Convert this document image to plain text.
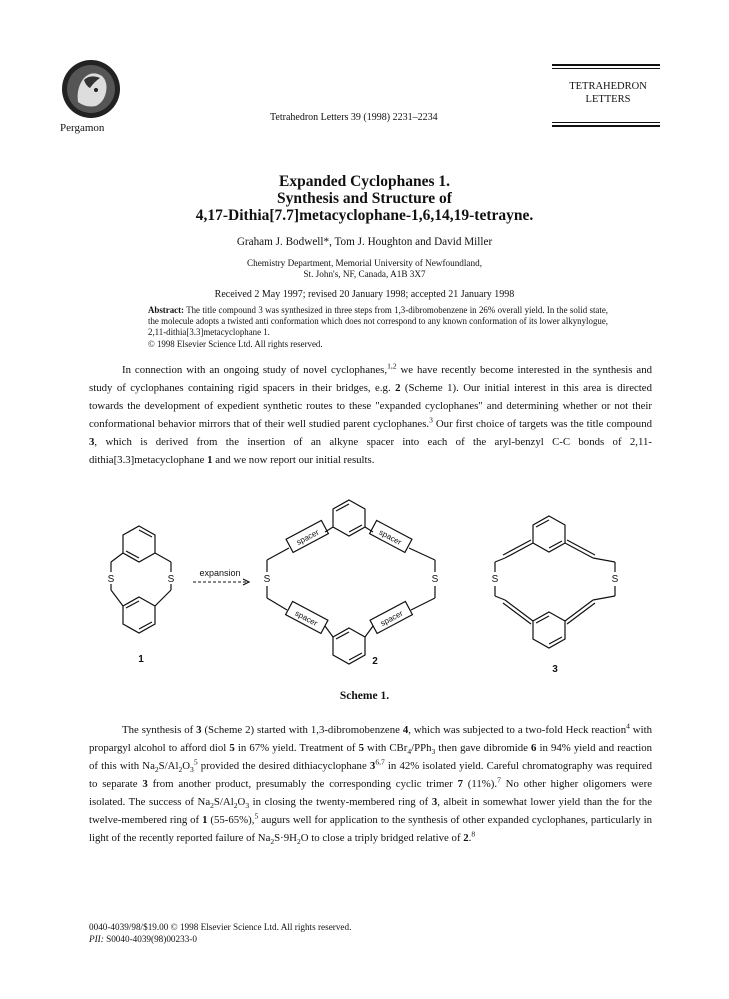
Pergamon
Tetrahedron Letters 39 (1998) 2231–2234
TETRAHEDRON
LETTERS
Expanded Cyclophanes 1.
Synthesis and Structure of
4,17-Dithia[7.7]metacyclophane-1,6,14,19-tetrayne.
Graham J. Bodwell*, Tom J. Houghton and David Miller
Chemistry Department, Memorial University of Newfoundland,
St. John's, NF, Canada, A1B 3X7
Received 2 May 1997; revised 20 January 1998; accepted 21 January 1998
Abstract: The title compound 3 was synthesized in three steps from 1,3-dibromobenzene in 26% overall yield. In the solid state, the molecule adopts a twisted anti conformation which does not correspond to any known conformation of its lower alkynylogue, 2,11-dithia[3.3]metacyclophane 1.
© 1998 Elsevier Science Ltd. All rights reserved.
In connection with an ongoing study of novel cyclophanes,$^{1,2}$ we have recently become interested in the synthesis and study of cyclophanes containing rigid spacers in their bridges, e.g. 2 (Scheme 1). Our initial interest in this area is directed towards the development of expedient synthetic routes to these "expanded cyclophanes" and determining whether or not their conformational behavior mirrors that of their well studied parent cyclophanes.$^3$ Our first choice of targets was the title compound 3, which is derived from the insertion of an alkyne spacer into each of the aryl-benzyl C-C bonds of 2,11-dithia[3.3]metacyclophane 1 and we now report our initial results.
S	S
expansion
S	S	S	S
spacer	spacer
spacer	spacer
1	2
3
Scheme 1.
The synthesis of 3 (Scheme 2) started with 1,3-dibromobenzene 4, which was subjected to a two-fold Heck reaction$^4$ with propargyl alcohol to afford diol 5 in 67% yield. Treatment of 5 with CBr$_4$/PPh$_3$ then gave dibromide 6 in 94% yield and reaction of this with $Na_2S/Al_2O_3^5$ provided the desired dithiacyclophane 3$^{6,7}$ in 42% isolated yield. Careful chromatography was required to separate 3 from another product, presumably the corresponding cyclic trimer 7 (11%).$^7$ No other higher oligomers were isolated. The success of $Na_2S/Al_2O_3$ in closing the twenty-membered ring of 3, albeit in somewhat lower yield than the for the twelve-membered ring of 1 (55-65%),$^5$ augurs well for application to the synthesis of other expanded cyclophanes, particularly in light of the recently reported failure of $Na_2S\cdot 9H_2O$ to close a triply bridged relative of 2.$^8$
0040-4039/98/$19.00 © 1998 Elsevier Science Ltd. All rights reserved.
PII: S0040-4039(98)00233-0
